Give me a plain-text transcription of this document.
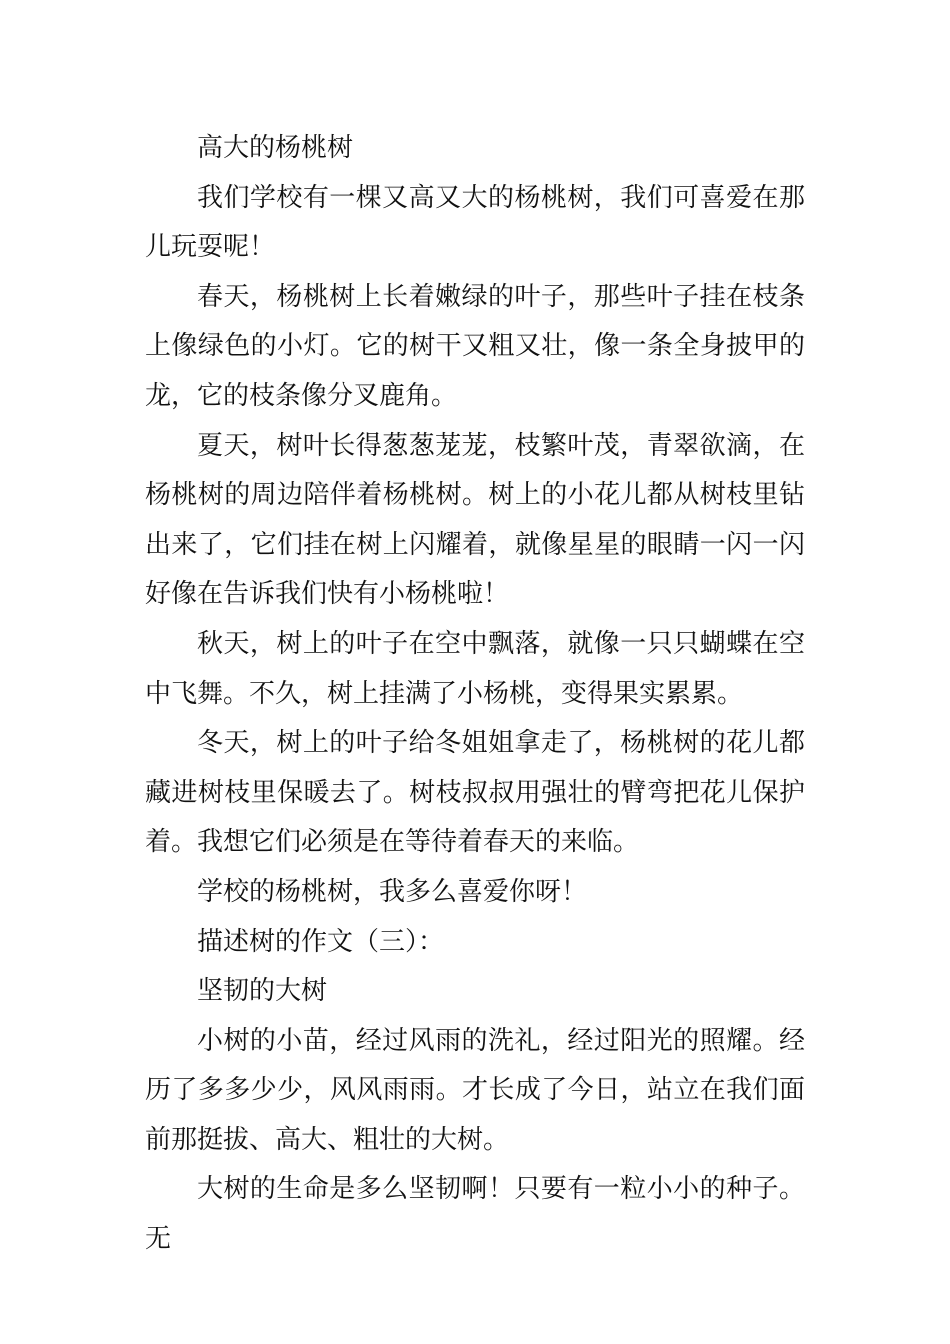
高大的杨桃树

我们学校有一棵又高又大的杨桃树，我们可喜爱在那儿玩耍呢！

春天，杨桃树上长着嫩绿的叶子，那些叶子挂在枝条上像绿色的小灯。它的树干又粗又壮，像一条全身披甲的龙，它的枝条像分叉鹿角。

夏天，树叶长得葱葱茏茏，枝繁叶茂，青翠欲滴，在杨桃树的周边陪伴着杨桃树。树上的小花儿都从树枝里钻出来了，它们挂在树上闪耀着，就像星星的眼睛一闪一闪好像在告诉我们快有小杨桃啦！

秋天，树上的叶子在空中飘落，就像一只只蝴蝶在空中飞舞。不久，树上挂满了小杨桃，变得果实累累。

冬天，树上的叶子给冬姐姐拿走了，杨桃树的花儿都藏进树枝里保暖去了。树枝叔叔用强壮的臂弯把花儿保护着。我想它们必须是在等待着春天的来临。

学校的杨桃树，我多么喜爱你呀！

描述树的作文（三）：

坚韧的大树

小树的小苗，经过风雨的洗礼，经过阳光的照耀。经历了多多少少，风风雨雨。才长成了今日，站立在我们面前那挺拔、高大、粗壮的大树。

大树的生命是多么坚韧啊！只要有一粒小小的种子。无
